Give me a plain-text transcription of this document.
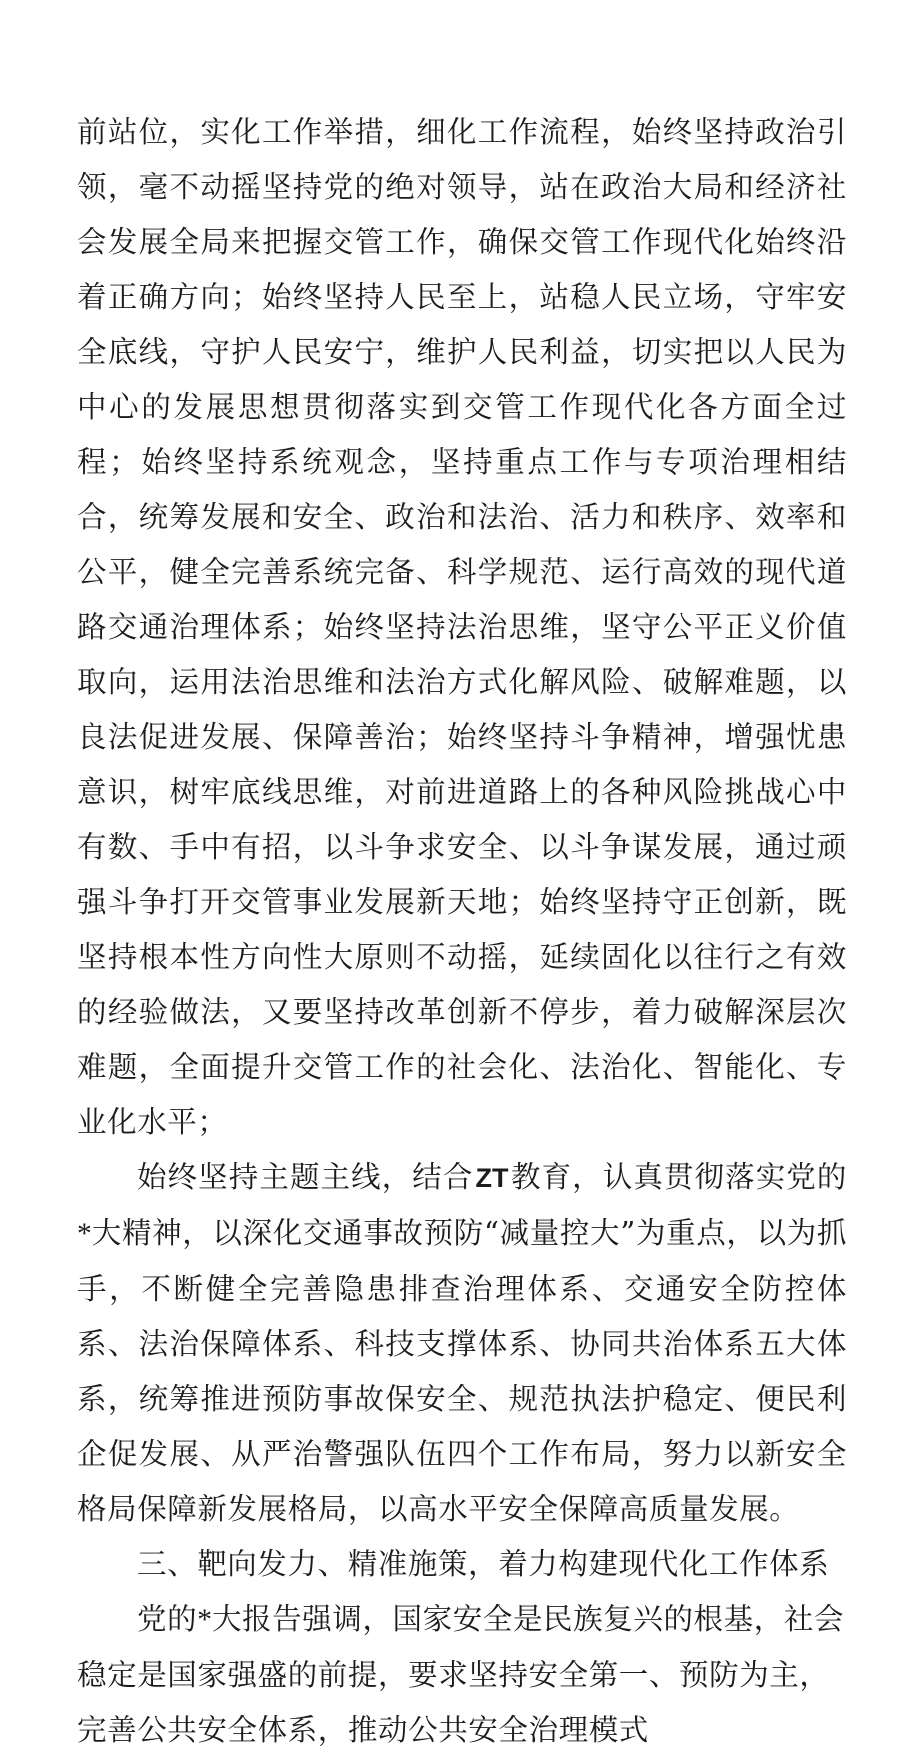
前站位，实化工作举措，细化工作流程，始终坚持政治引领，毫不动摇坚持党的绝对领导，站在政治大局和经济社会发展全局来把握交管工作，确保交管工作现代化始终沿着正确方向；始终坚持人民至上，站稳人民立场，守牢安全底线，守护人民安宁，维护人民利益，切实把以人民为中心的发展思想贯彻落实到交管工作现代化各方面全过程；始终坚持系统观念，坚持重点工作与专项治理相结合，统筹发展和安全、政治和法治、活力和秩序、效率和公平，健全完善系统完备、科学规范、运行高效的现代道路交通治理体系；始终坚持法治思维，坚守公平正义价值取向，运用法治思维和法治方式化解风险、破解难题，以良法促进发展、保障善治；始终坚持斗争精神，增强忧患意识，树牢底线思维，对前进道路上的各种风险挑战心中有数、手中有招，以斗争求安全、以斗争谋发展，通过顽强斗争打开交管事业发展新天地；始终坚持守正创新，既坚持根本性方向性大原则不动摇，延续固化以往行之有效的经验做法，又要坚持改革创新不停步，着力破解深层次难题，全面提升交管工作的社会化、法治化、智能化、专业化水平；

始终坚持主题主线，结合ZT教育，认真贯彻落实党的*大精神，以深化交通事故预防“减量控大”为重点，以为抓手，不断健全完善隐患排查治理体系、交通安全防控体系、法治保障体系、科技支撑体系、协同共治体系五大体系，统筹推进预防事故保安全、规范执法护稳定、便民利企促发展、从严治警强队伍四个工作布局，努力以新安全格局保障新发展格局，以高水平安全保障高质量发展。

三、靶向发力、精准施策，着力构建现代化工作体系

党的*大报告强调，国家安全是民族复兴的根基，社会稳定是国家强盛的前提，要求坚持安全第一、预防为主，完善公共安全体系，推动公共安全治理模式
